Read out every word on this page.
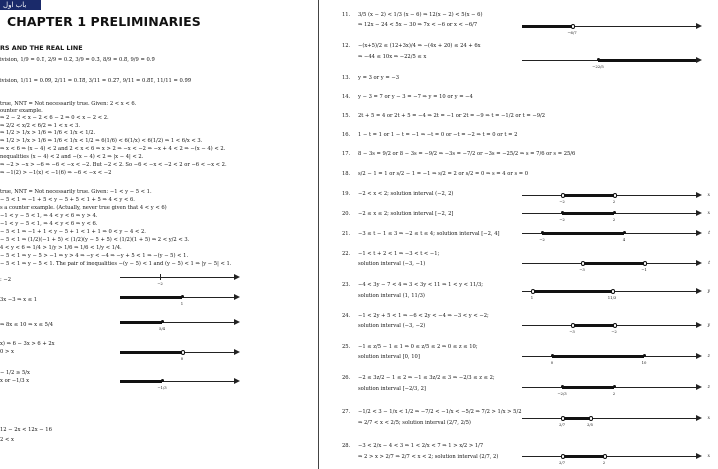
ﺑﺎﺏ ﺍﻭﻝ
CHAPTER 1 PRELIMINARIES
RS AND THE REAL LINE
ivision, 1/9 = 0.1̄, 2/9 = 0.2̄, 3/9 = 0.3̄, 8/9 = 0.8̄, 9/9 = 0.9̄
ivision, 1/11 = 0.0̄9̄, 2/11 = 0.1̄8̄, 3/11 = 0.2̄7̄, 9/11 = 0.8̄1̄, 11/11 = 0.9̄9̄
true, NNT = Not necessarily true. Given: 2 < x < 6.
ounter example.
⇒ 2 − 2 < x − 2 < 6 − 2 ⇒ 0 < x − 2 < 2.
⇒ 2/2 < x/2 < 6/2 ⇒ 1 < x < 3.
⇒ 1/2 > 1/x > 1/6 ⇒ 1/6 < 1/x < 1/2.
⇒ 1/2 > 1/x > 1/6 ⇒ 1/6 < 1/x < 1/2 ⇒ 6(1/6) < 6(1/x) < 6(1/2) ⇒ 1 < 6/x < 3.
⇒ x < 6 ⇒ (x − 4) < 2 and 2 < x < 6 ⇒ x > 2 ⇒ −x < −2 ⇒ −x + 4 < 2 ⇒ −(x − 4) < 2.
nequalities (x − 4) < 2 and −(x − 4) < 2 ⇒ |x − 4| < 2.
⇒ −2 > −x > −6 ⇒ −6 < −x < −2. But −2 < 2. So −6 < −x < −2 < 2 or −6 < −x < 2.
⇒ −1(2) > −1(x) < −1(6) ⇒ −6 < −x < −2
true, NNT = Not necessarily true. Given: −1 < y − 5 < 1.
− 5 < 1 ⇒ −1 + 5 < y − 5 + 5 < 1 + 5 ⇒ 4 < y < 6.
s a counter example. (Actually, never true given that 4 < y < 6)
−1 < y − 5 < 1, ⇒ 4 < y < 6 ⇒ y > 4.
−1 < y − 5 < 1, ⇒ 4 < y < 6 ⇒ y < 6.
− 5 < 1 ⇒ −1 + 1 < y − 5 + 1 < 1 + 1 ⇒ 0 < y − 4 < 2.
− 5 < 1 ⇒ (1/2)(−1 + 5) < (1/2)(y − 5 + 5) < (1/2)(1 + 5) ⇒ 2 < y/2 < 3.
4 < y < 6 ⇒ 1/4 > 1/y > 1/6 ⇒ 1/6 < 1/y < 1/4.
− 5 < 1 ⇒ y − 5 > −1 ⇒ y > 4 ⇒ −y < −4 ⇒ −y + 5 < 1 ⇒ −(y − 5) < 1.
− 5 < 1 ⇒ y − 5 < 1. The pair of inequalities −(y − 5) < 1 and (y − 5) < 1 ⇒ |y − 5| < 1.
: −2
−2
3x −3 ⇒ x ≤ 1
1
⇒ 8x ≤ 10 ⇒ x ≤ 5/4
5/4
x) ⇒ 6 − 3x > 6 + 2x
0 > x
0
− 1/2 ≥ 5/x
x or −1/3 x
−1/3
12 − 2x < 12x − 16
2 < x
11. 3/5 (x − 2) < 1/3 (x − 6) ⇒ 12(x − 2) < 5(x − 6)
⇒ 12x − 24 < 5x − 30 ⇒ 7x < −6 or x < −6/7
−6/7
12. −(x+5)/2 ≤ (12+3x)/4 ⇒ −(4x + 20) ≤ 24 + 6x
⇒ −44 ≤ 10x ⇒ −22/5 ≤ x
−22/5
13. y = 3 or y = −3
14. y − 3 = 7 or y − 3 = −7 ⇒ y = 10 or y = −4
15. 2t + 5 = 4 or 2t + 5 = −4 ⇒ 2t = −1 or 2t = −9 ⇒ t = −1/2 or t = −9/2
16. 1 − t = 1 or 1 − t = −1 ⇒ −t = 0 or −t = −2 ⇒ t = 0 or t = 2
17. 8 − 3s = 9/2 or 8 − 3s = −9/2 ⇒ −3s = −7/2 or −3s = −25/2 ⇒ s = 7/6 or s = 25/6
18. s/2 − 1 = 1 or s/2 − 1 = −1 ⇒ s/2 = 2 or s/2 = 0 ⇒ s = 4 or s = 0
19. −2 < x < 2; solution interval (−2, 2)
−2	2
x
20. −2 ≤ x ≤ 2; solution interval [−2, 2]
−2	2
x
21. −3 ≤ t − 1 ≤ 3 ⇒ −2 ≤ t ≤ 4; solution interval [−2, 4]
−2	4
t
22. −1 < t + 2 < 1 ⇒ −3 < t < −1;
solution interval (−3, −1)
−3	−1
t
23. −4 < 3y − 7 < 4 ⇒ 3 < 3y < 11 ⇒ 1 < y < 11/3;
solution interval (1, 11/3)	1	11/3
y
24. −1 < 2y + 5 < 1 ⇒ −6 < 2y < −4 ⇒ −3 < y < −2;
solution interval (−3, −2)
−3	−2
y
25. −1 ≤ z/5 − 1 ≤ 1 ⇒ 0 ≤ z/5 ≤ 2 ⇒ 0 ≤ z ≤ 10;
solution interval [0, 10]
0	10
z
26. −2 ≤ 3z/2 − 1 ≤ 2 ⇒ −1 ≤ 3z/2 ≤ 3 ⇒ −2/3 ≤ z ≤ 2;
solution interval [−2/3, 2]
−2/3	2
z
27. −1/2 < 3 − 1/x < 1/2 ⇒ −7/2 < −1/x < −5/2 ⇒ 7/2 > 1/x > 5/2
⇒ 2/7 < x < 2/5; solution interval (2/7, 2/5)	2/7	2/5
x
28. −3 < 2/x − 4 < 3 ⇒ 1 < 2/x < 7 ⇒ 1 > x/2 > 1/7
⇒ 2 > x > 2/7 ⇒ 2/7 < x < 2; solution interval (2/7, 2)
2/7	2
x
